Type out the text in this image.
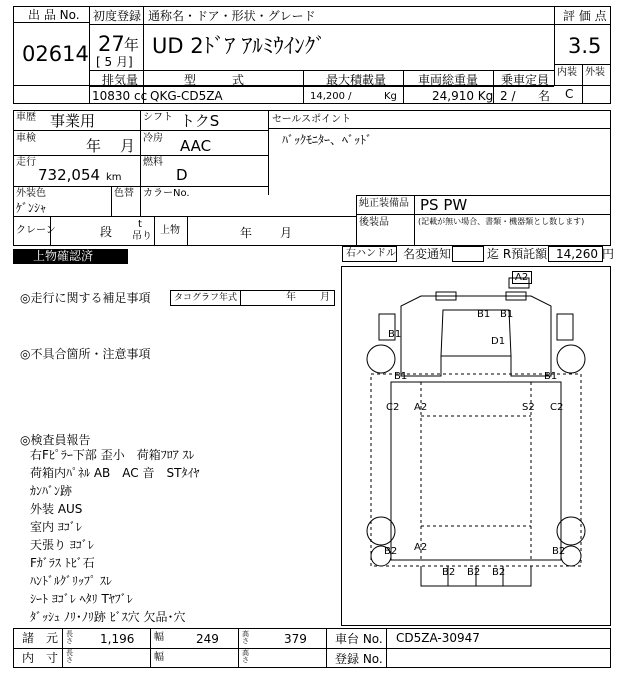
出 品 No.
02614
初度登録
27 年
[ 5 月]
通称名・ドア・形状・グレード
UD 2ﾄﾞｱ ｱﾙﾐｳｲﾝｸﾞ
評 価 点
3.5
内装 外装
C
排気量	型　　　式	最大積載量	車両総重量 乗車定員
10830 cc QKG-CD5ZA	14,200 /	Kg	24,910 Kg 2 / 名
車歴 事業用	シフト トクS
車検	年 月 冷房 AAC
走行
732,054 km
燃料
D
外装色
ｹﾞﾝｼｬ
色替 カラーNo.
クレーン	段
t
吊り
上物	年 月
セールスポイント
ﾊﾞｯｸﾓﾆﾀｰ、ﾍﾞｯﾄﾞ
純正装備品 PS PW
後装品	(記載が無い場合、書類・機器類とし数します)
上物確認済	右ハンドル 名変通知	迄 R預託額 14,260 円
◎走行に関する補足事項	タコグラフ年式	年 月
◎不具合箇所・注意事項
◎検査員報告
右Fﾋﾟﾗｰ下部 歪小　荷箱ﾌﾛｱ ｽﾚ
荷箱内ﾊﾟﾈﾙ AB　AC 音　STﾀｲﾔ
ｶﾝﾊﾞﾝ跡
外装 AUS
室内 ﾖｺﾞﾚ
天張り ﾖｺﾞﾚ
Fｶﾞﾗｽ ﾄﾋﾞ石
ﾊﾝﾄﾞﾙｸﾞﾘｯﾌﾟ ｽﾚ
ｼｰﾄ ﾖｺﾞﾚ ﾍﾀﾘ Tﾔﾌﾞﾚ
ﾀﾞｯｼｭ ﾉﾘ･ﾉﾘ跡 ﾋﾞｽ穴 欠品･穴
A2
B1
B1 B1
D1
B1	B1
C2 A2	S2 C2
B2 A2	B2
B2 B2 B2
諸　元 長さ 1,196 幅	249	高さ	379 車台 No. CD5ZA-30947
内　寸 長さ	幅	高さ	登録 No.
